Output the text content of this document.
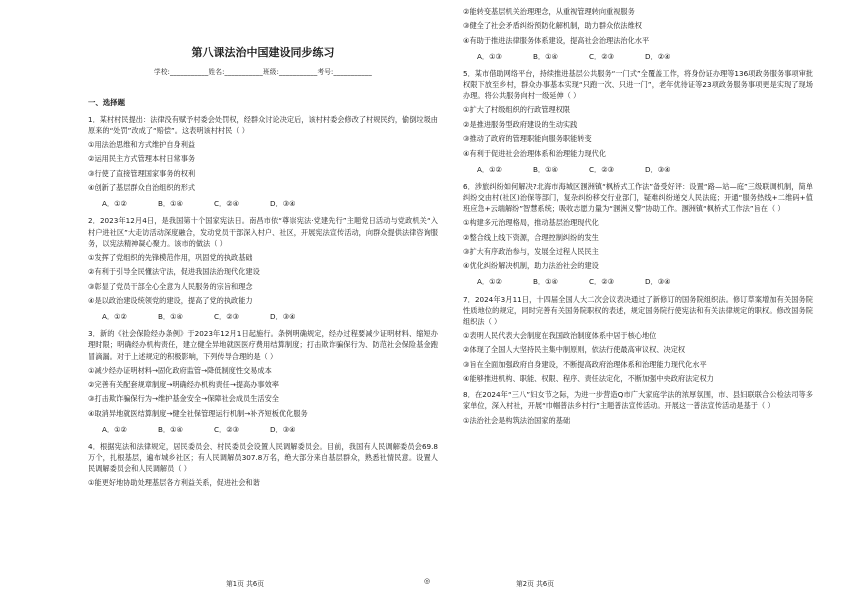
第八课法治中国建设同步练习
学校:___________姓名:___________班级:___________考号:___________
一、选择题
1．某村村民提出：法律没有赋予村委会处罚权，经群众讨论决定后，该村村委会修改了村规民约，偷倒垃圾由原来的“处罚”改成了“赔偿”。这表明该村村民（ ）
①用法治思维和方式维护自身利益
②运用民主方式管理本村日常事务
③行使了直接管理国家事务的权利
④创新了基层群众自治组织的形式
A．①②	B．①④	C．②④	D．③④
2．2023年12月4日，是我国第十个国家宪法日。南昌市依“尊崇宪法·党建先行”主题党日活动与党政机关“入村户进社区”大走访活动深度融合，发动党员干部深入村户、社区，开展宪法宣传活动，向群众提供法律咨询服务，以宪法精神凝心聚力。该市的做法（ ）
①发挥了党组织的先锋模范作用，巩固党的执政基础
②有利于引导全民懂法守法，促进我国法治现代化建设
③彰显了党员干部全心全意为人民服务的宗旨和理念
④是以政治建设统领党的建设，提高了党的执政能力
A．①②	B．①④	C．②③	D．③④
3．新的《社会保险经办条例》于2023年12月1日起施行。条例明确规定，经办过程要减少证明材料、缩短办理时限；明确经办机构责任，建立健全异地就医医疗费用结算制度；打击欺诈骗保行为、防范社会保险基金跑冒滴漏。对于上述规定的积极影响，下列传导合理的是（ ）
①减少经办证明材料→固化政府监管→降低制度性交易成本
②完善有关配套规章制度→明确经办机构责任→提高办事效率
③打击欺诈骗保行为→维护基金安全→保障社会成员生活安全
④取消异地就医结算制度→健全社保管理运行机制→补齐短板优化服务
A．①②	B．①④	C．②③	D．③④
4．根据宪法和法律规定，居民委员会、村民委员会设置人民调解委员会。目前，我国有人民调解委员会69.8万个，扎根基层，遍布城乡社区；有人民调解员307.8万名，绝大部分来自基层群众，熟悉社情民意。设置人民调解委员会和人民调解员（ ）
①能更好地协助处理基层各方利益关系，促进社会和谐
②能转变基层机关治理理念，从重视管理转向重视服务
③健全了社会矛盾纠纷预防化解机制，助力群众依法维权
④有助于推进法律服务体系建设，提高社会治理法治化水平
A．①③	B．①④	C．②③	D．②④
5．某市借助网络平台，持续推进基层公共服务“一门式”全覆盖工作，将身份证办理等136项政务服务事项审批权限下放至乡村，群众办事基本实现“只跑一次、只进一门”，老年优待证等23项政务服务事项更是实现了现场办理。将公共服务向村一级延伸（ ）
①扩大了村级组织的行政管理权限
②是推进服务型政府建设的生动实践
③推动了政府的管理职能向服务职能转变
④有利于促进社会治理体系和治理能力现代化
A．①②	B．①④	C．②③	D．③④
6．涉旅纠纷如何解决?北海市海城区涠洲镇“枫桥式工作法”备受好评：设置“路—站—庭”三级联调机制，简单纠纷交由村(社区)治保等部门，复杂纠纷移交行业部门，疑难纠纷递交人民法庭；开通“服务热线+二维码+值班应急+云端解纷”智慧系统；吸收志愿力量为“涠洲义警”协助工作。涠洲镇“枫桥式工作法”旨在（ ）
①构建多元治理格局，推动基层治理现代化
②整合线上线下资源，合理控制纠纷的发生
③扩大有序政治参与，发展全过程人民民主
④优化纠纷解决机制，助力法治社会的建设
A．①②	B．①④	C．②③	D．③④
7．2024年3月11日，十四届全国人大二次会议表决通过了新修订的国务院组织法。修订草案增加有关国务院性质地位的规定，同时完善有关国务院职权的表述，规定国务院行使宪法和有关法律规定的职权。修改国务院组织法（ ）
①表明人民代表大会制度在我国政治制度体系中居于核心地位
②体现了全国人大坚持民主集中制原则，依法行使最高审议权、决定权
③旨在全面加强政府自身建设，不断提高政府治理体系和治理能力现代化水平
④能够推进机构、职能、权限、程序、责任法定化，不断加强中央政府法定权力
8．在2024年“三八”妇女节之际，为进一步营造Q市广大家庭学法的浓厚氛围，市、县妇联联合公检法司等多家单位，深入村社，开展“巾帼普法乡村行”主题普法宣传活动。开展这一普法宣传活动是基于（ ）
①法治社会是构筑法治国家的基础
第1页 共6页	◎	第2页 共6页
